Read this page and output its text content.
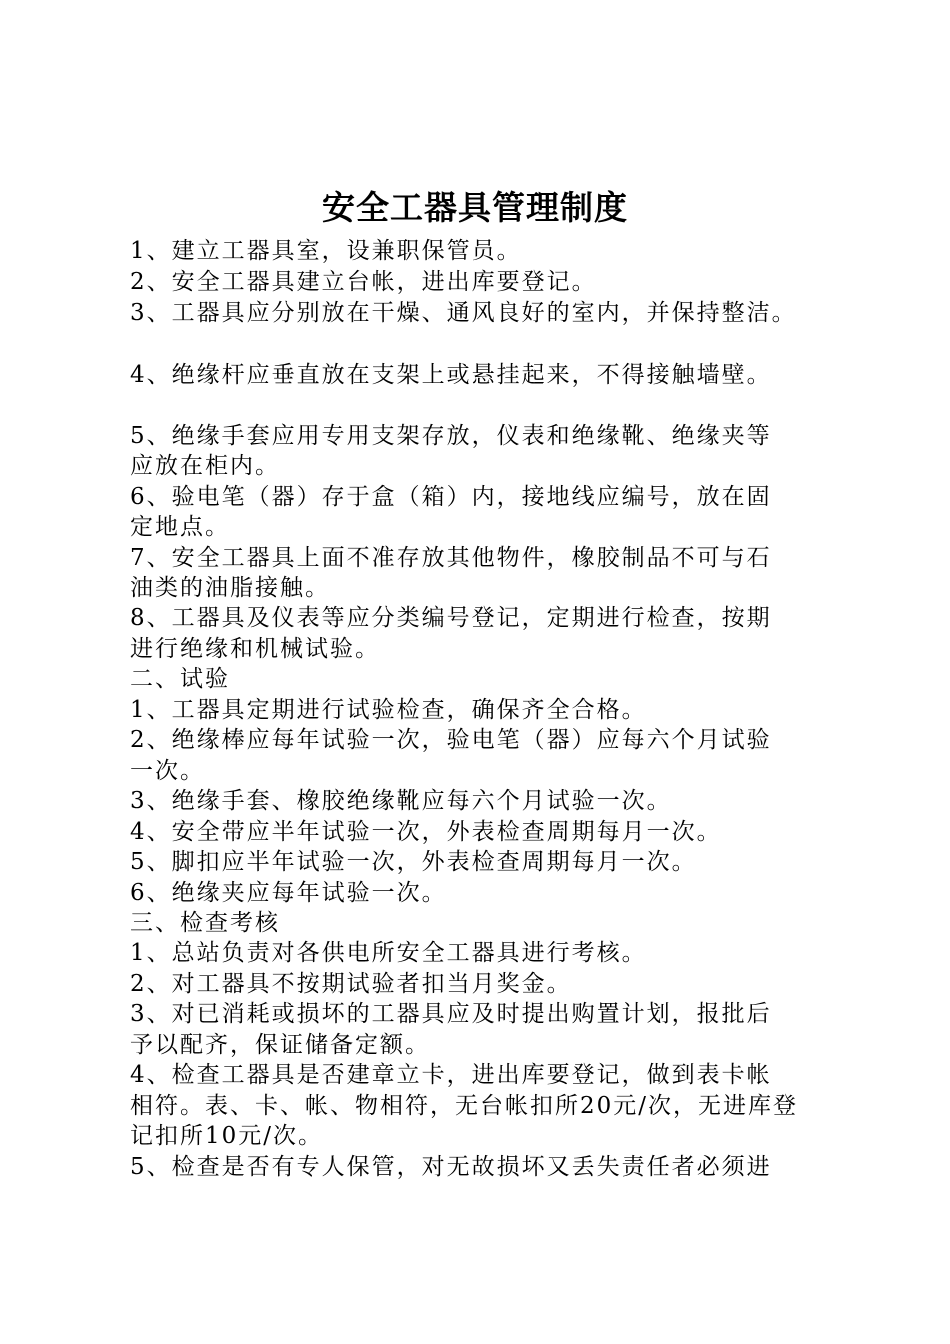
安全工器具管理制度
1、建立工器具室，设兼职保管员。
2、安全工器具建立台帐，进出库要登记。
3、工器具应分别放在干燥、通风良好的室内，并保持整洁。
4、绝缘杆应垂直放在支架上或悬挂起来，不得接触墙壁。
5、绝缘手套应用专用支架存放，仪表和绝缘靴、绝缘夹等
应放在柜内。
6、验电笔（器）存于盒（箱）内，接地线应编号，放在固
定地点。
7、安全工器具上面不准存放其他物件，橡胶制品不可与石
油类的油脂接触。
8、工器具及仪表等应分类编号登记，定期进行检查，按期
进行绝缘和机械试验。
二、试验
1、工器具定期进行试验检查，确保齐全合格。
2、绝缘棒应每年试验一次，验电笔（器）应每六个月试验
一次。
3、绝缘手套、橡胶绝缘靴应每六个月试验一次。
4、安全带应半年试验一次，外表检查周期每月一次。
5、脚扣应半年试验一次，外表检查周期每月一次。
6、绝缘夹应每年试验一次。
三、检查考核
1、总站负责对各供电所安全工器具进行考核。
2、对工器具不按期试验者扣当月奖金。
3、对已消耗或损坏的工器具应及时提出购置计划，报批后
予以配齐，保证储备定额。
4、检查工器具是否建章立卡，进出库要登记，做到表卡帐
相符。表、卡、帐、物相符，无台帐扣所20元/次，无进库登
记扣所10元/次。
5、检查是否有专人保管，对无故损坏又丢失责任者必须进
